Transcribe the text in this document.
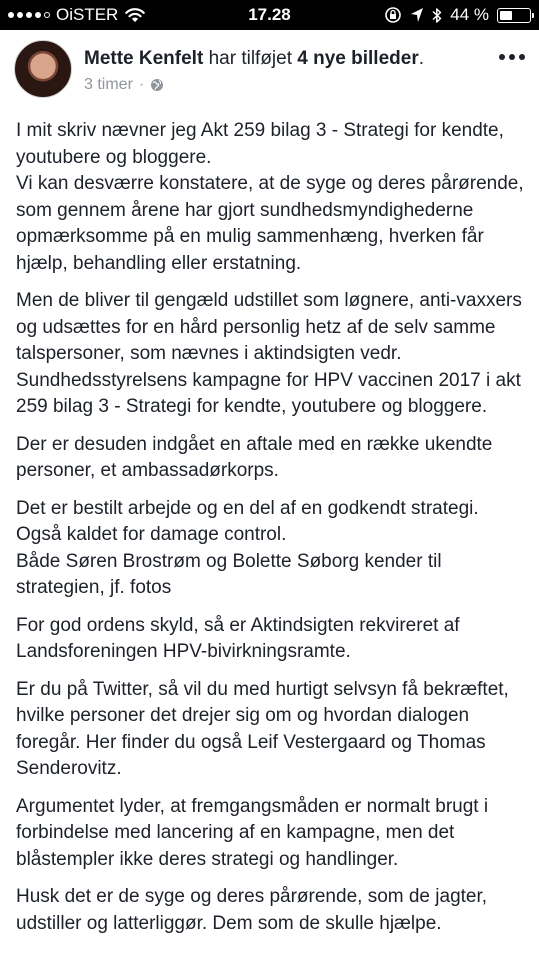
OiSTER	17.28	44 %
Mette Kenfelt har tilføjet 4 nye billeder.
3 timer ·

I mit skriv nævner jeg Akt 259 bilag 3 - Strategi for kendte, youtubere og bloggere.
Vi kan desværre konstatere, at de syge og deres pårørende, som gennem årene har gjort sundhedsmyndighederne opmærksomme på en mulig sammenhæng, hverken får hjælp, behandling eller erstatning.

Men de bliver til gengæld udstillet som løgnere, anti-vaxxers og udsættes for en hård personlig hetz af de selv samme talspersoner, som nævnes i aktindsigten vedr. Sundhedsstyrelsens kampagne for HPV vaccinen 2017 i akt 259 bilag 3 - Strategi for kendte, youtubere og bloggere.

Der er desuden indgået en aftale med en række ukendte personer, et ambassadørkorps.

Det er bestilt arbejde og en del af en godkendt strategi. Også kaldet for damage control.
Både Søren Brostrøm og Bolette Søborg kender til strategien, jf. fotos

For god ordens skyld, så er Aktindsigten rekvireret af Landsforeningen HPV-bivirkningsramte.

Er du på Twitter, så vil du med hurtigt selvsyn få bekræftet, hvilke personer det drejer sig om og hvordan dialogen foregår. Her finder du også Leif Vestergaard og Thomas Senderovitz.

Argumentet lyder, at fremgangsmåden er normalt brugt i forbindelse med lancering af en kampagne, men det blåstempler ikke deres strategi og handlinger.

Husk det er de syge og deres pårørende, som de jagter, udstiller og latterliggør. Dem som de skulle hjælpe.
